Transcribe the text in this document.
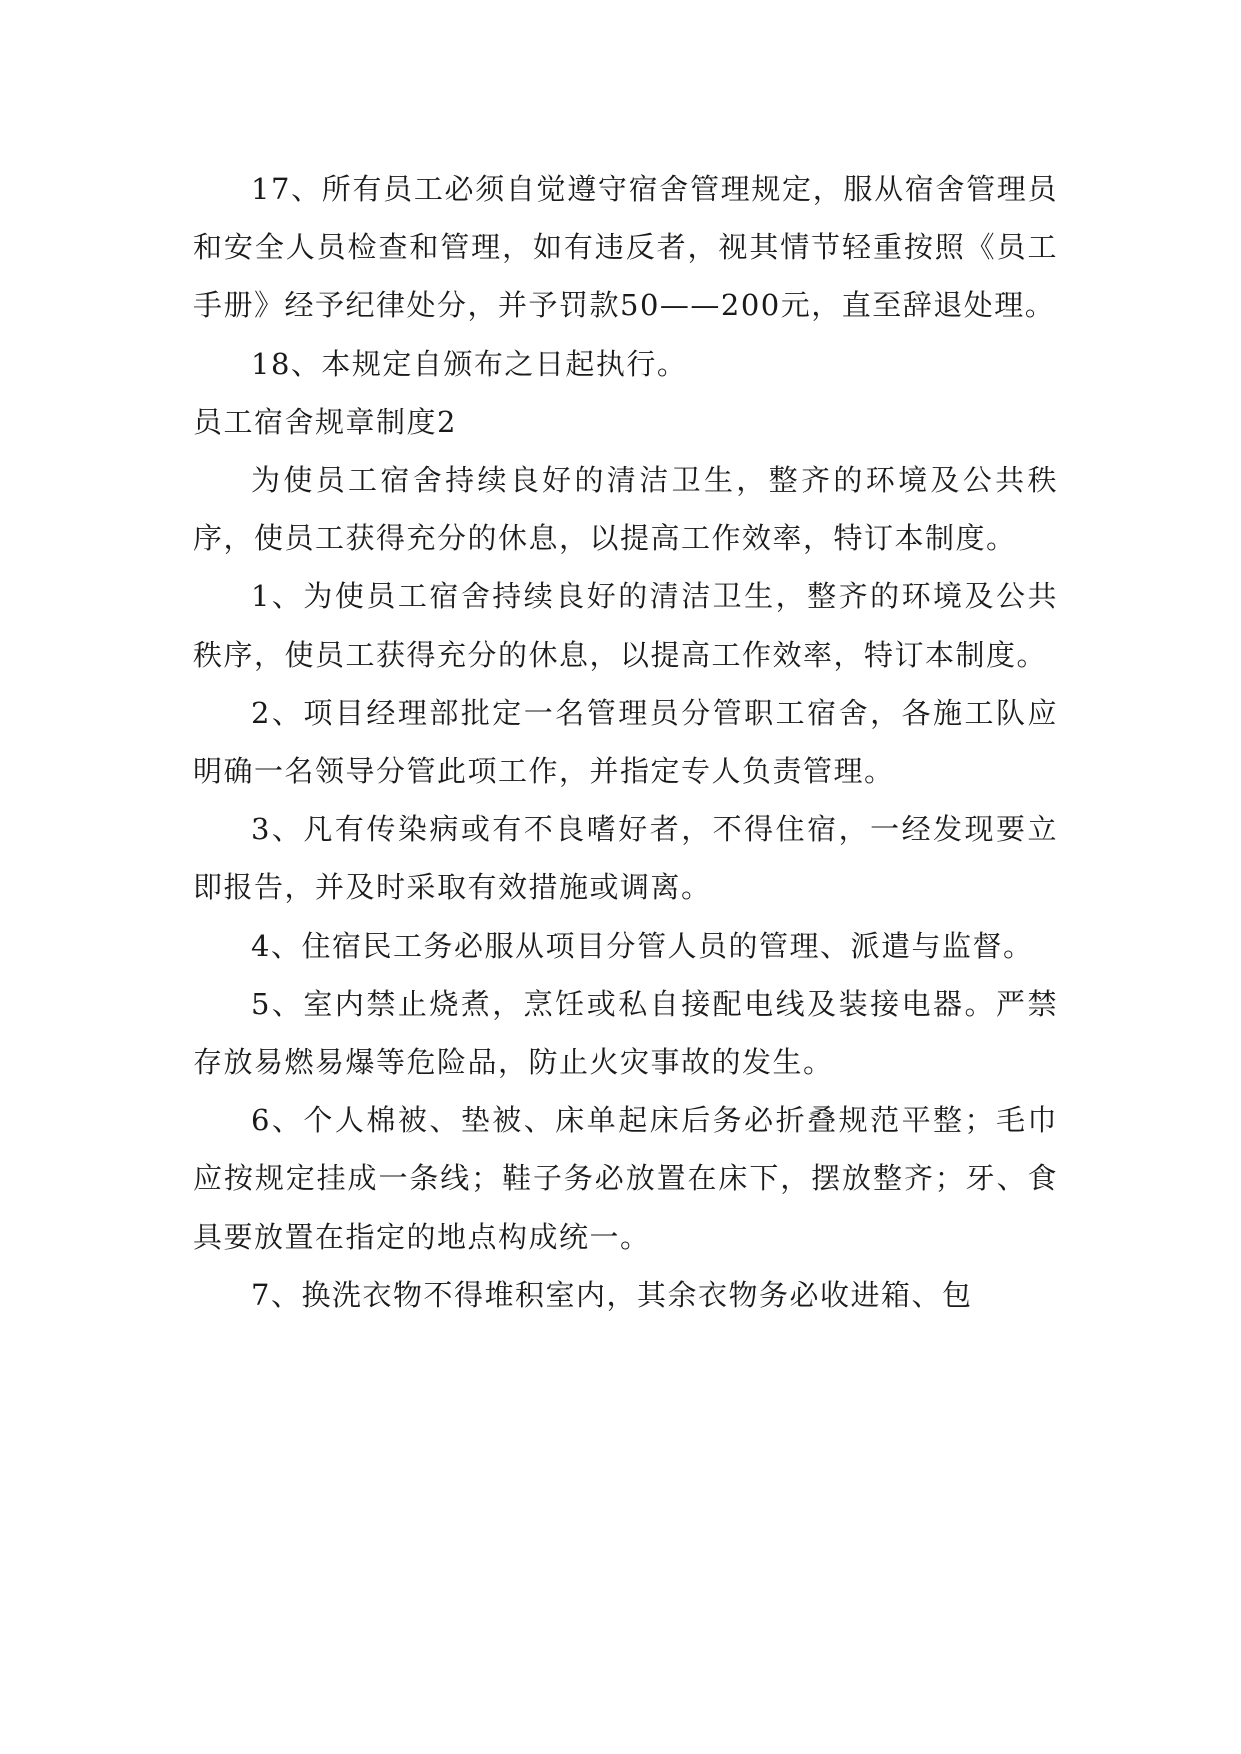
17、所有员工必须自觉遵守宿舍管理规定，服从宿舍管理员和安全人员检查和管理，如有违反者，视其情节轻重按照《员工手册》经予纪律处分，并予罚款50——200元，直至辞退处理。

18、本规定自颁布之日起执行。

员工宿舍规章制度2

为使员工宿舍持续良好的清洁卫生，整齐的环境及公共秩序，使员工获得充分的休息，以提高工作效率，特订本制度。

1、为使员工宿舍持续良好的清洁卫生，整齐的环境及公共秩序，使员工获得充分的休息，以提高工作效率，特订本制度。

2、项目经理部批定一名管理员分管职工宿舍，各施工队应明确一名领导分管此项工作，并指定专人负责管理。

3、凡有传染病或有不良嗜好者，不得住宿，一经发现要立即报告，并及时采取有效措施或调离。

4、住宿民工务必服从项目分管人员的管理、派遣与监督。

5、室内禁止烧煮，烹饪或私自接配电线及装接电器。严禁存放易燃易爆等危险品，防止火灾事故的发生。

6、个人棉被、垫被、床单起床后务必折叠规范平整；毛巾应按规定挂成一条线；鞋子务必放置在床下，摆放整齐；牙、食具要放置在指定的地点构成统一。

7、换洗衣物不得堆积室内，其余衣物务必收进箱、包
